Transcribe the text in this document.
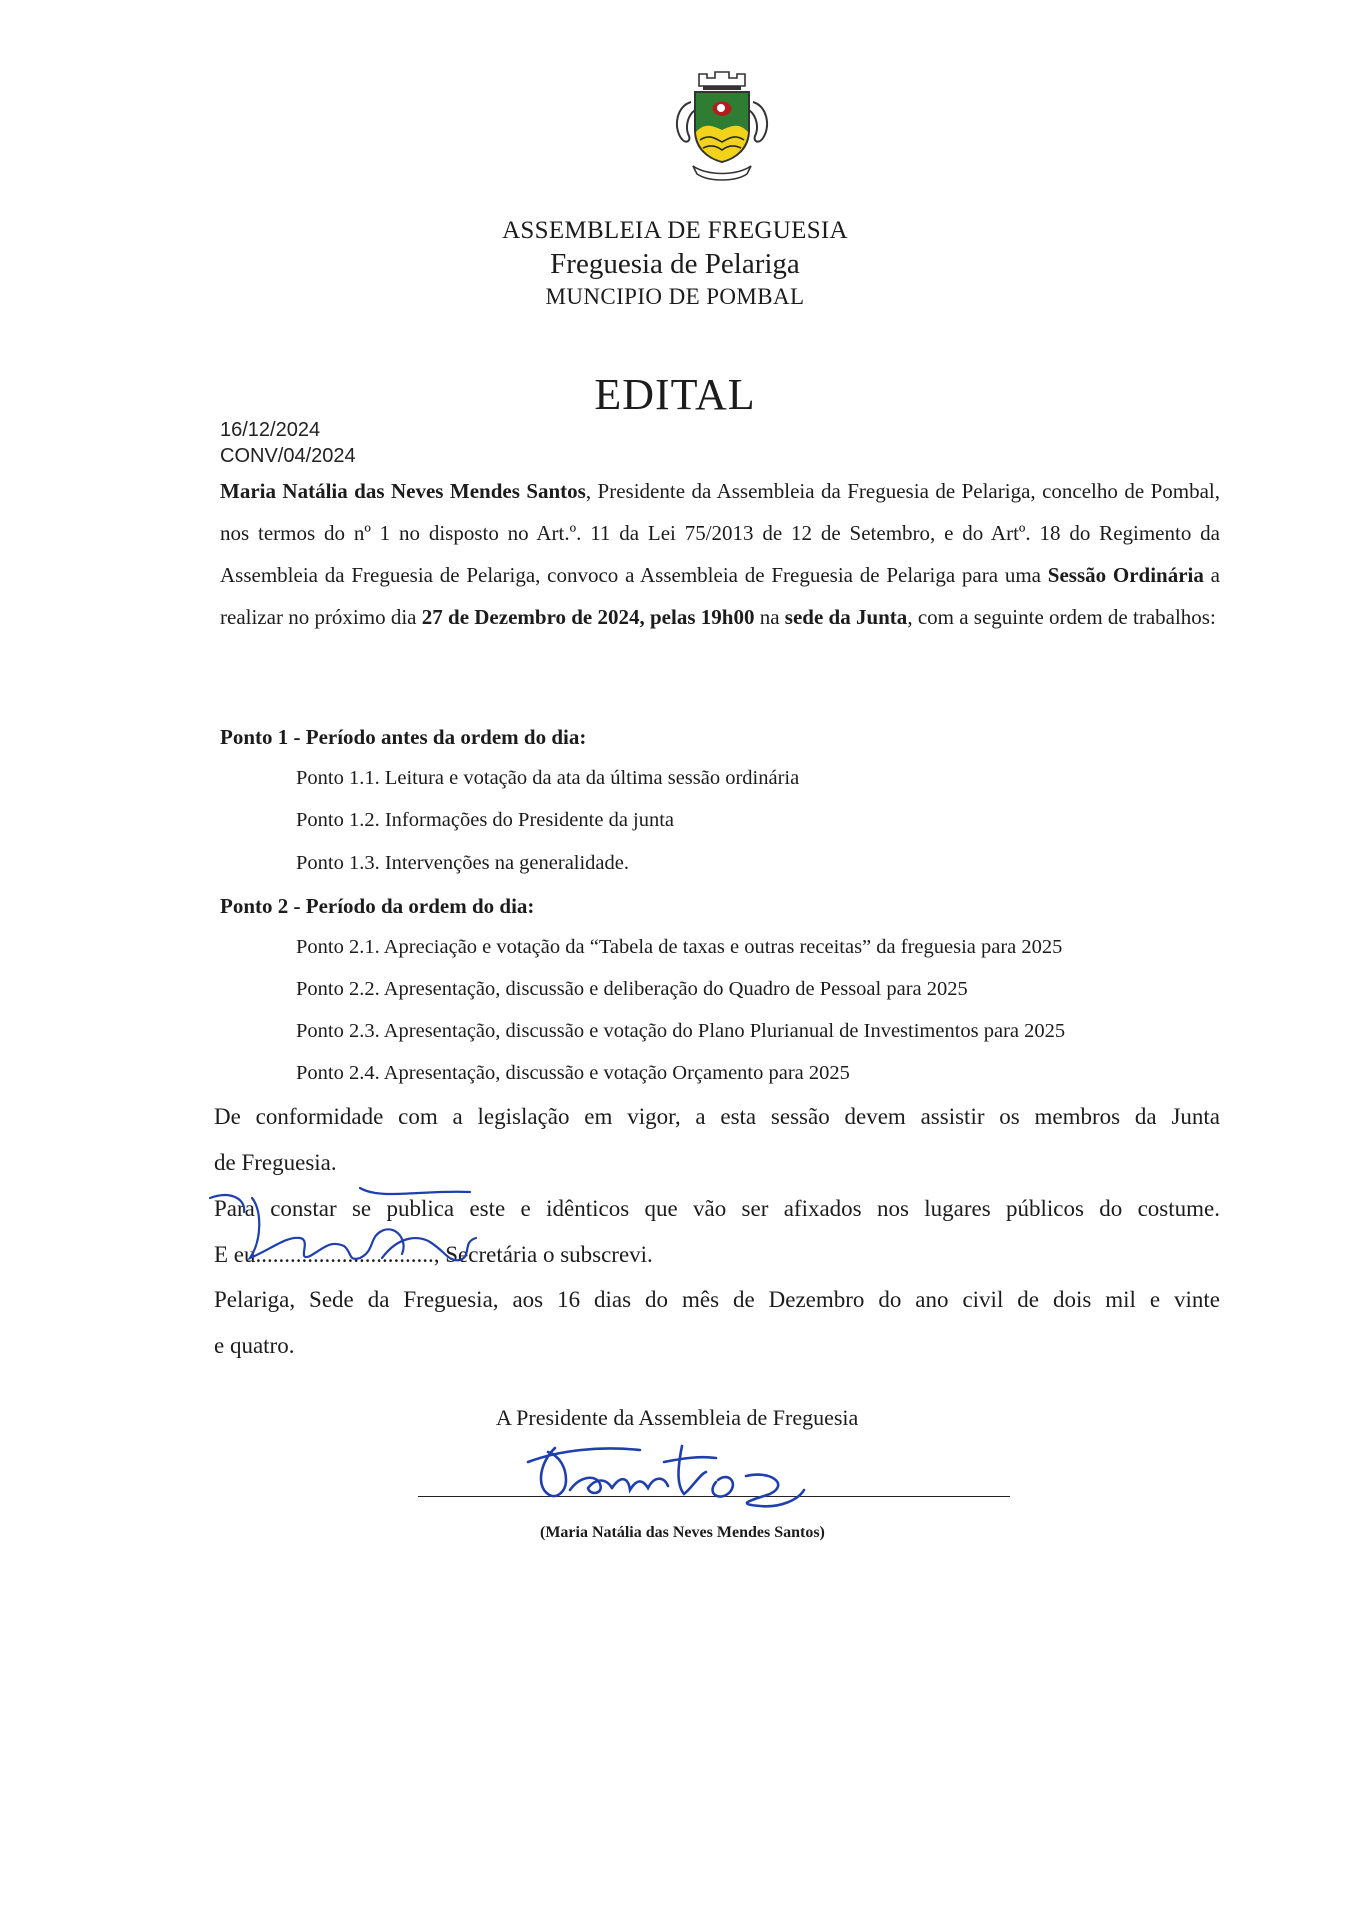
ASSEMBLEIA DE FREGUESIA
Freguesia de Pelariga
MUNCIPIO DE POMBAL
EDITAL
16/12/2024
CONV/04/2024

Maria Natália das Neves Mendes Santos, Presidente da Assembleia da Freguesia de Pelariga, concelho de Pombal, nos termos do nº 1 no disposto no Art.º. 11 da Lei 75/2013 de 12 de Setembro, e do Artº. 18 do Regimento da Assembleia da Freguesia de Pelariga, convoco a Assembleia de Freguesia de Pelariga para uma Sessão Ordinária a realizar no próximo dia 27 de Dezembro de 2024, pelas 19h00 na sede da Junta, com a seguinte ordem de trabalhos:

Ponto 1 - Período antes da ordem do dia:
Ponto 1.1. Leitura e votação da ata da última sessão ordinária
Ponto 1.2. Informações do Presidente da junta
Ponto 1.3. Intervenções na generalidade.
Ponto 2 - Período da ordem do dia:
Ponto 2.1. Apreciação e votação da “Tabela de taxas e outras receitas” da freguesia para 2025
Ponto 2.2. Apresentação, discussão e deliberação do Quadro de Pessoal para 2025
Ponto 2.3. Apresentação, discussão e votação do Plano Plurianual de Investimentos para 2025
Ponto 2.4. Apresentação, discussão e votação Orçamento para 2025
De conformidade com a legislação em vigor, a esta sessão devem assistir os membros da Junta
de Freguesia.
Para constar se publica este e idênticos que vão ser afixados nos lugares públicos do costume.
E eu..............................., Secretária o subscrevi.
Pelariga, Sede da Freguesia, aos 16 dias do mês de Dezembro do ano civil de dois mil e vinte
e quatro.
A Presidente da Assembleia de Freguesia
(Maria Natália das Neves Mendes Santos)
